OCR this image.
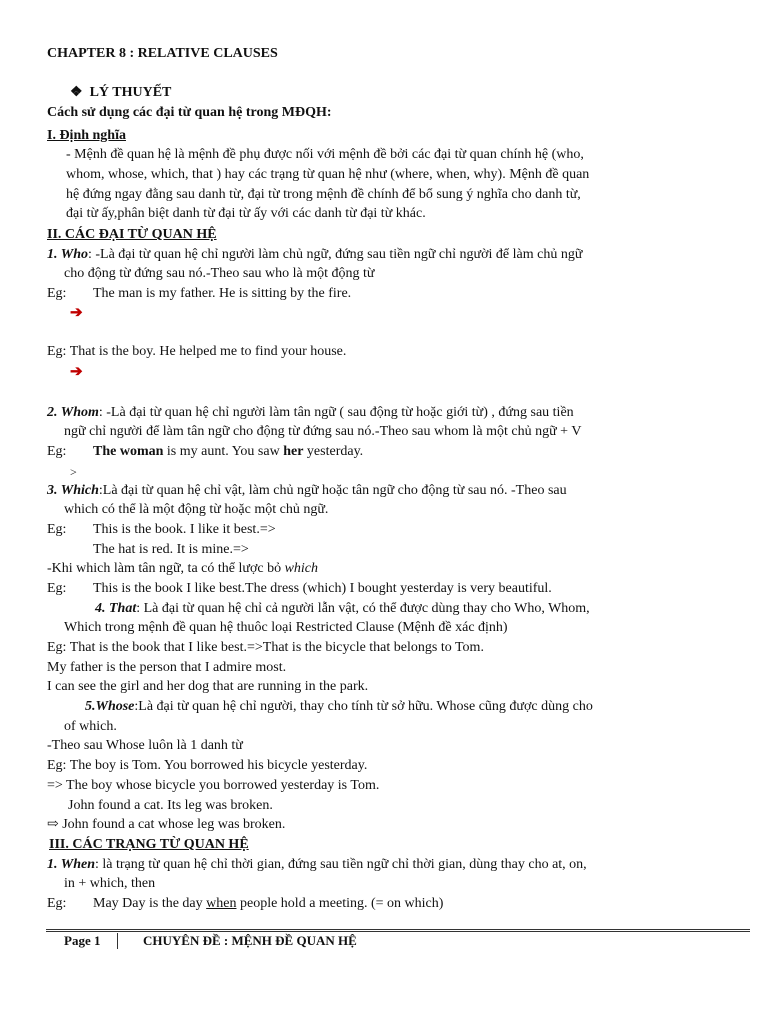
CHAPTER 8 : RELATIVE CLAUSES
❖ LÝ THUYẾT
Cách sử dụng các đại từ quan hệ trong MĐQH:
I. Định nghĩa
- Mệnh đề quan hệ là mệnh đề phụ được nối với mệnh đề bởi các đại từ quan chính hệ (who,
whom, whose, which, that ) hay các trạng từ quan hệ như (where, when, why). Mệnh đề quan
hệ đứng ngay đằng sau danh từ, đại từ trong mệnh đề chính để bổ sung ý nghĩa cho danh từ,
đại từ ấy,phân biệt danh từ đại từ ấy với các danh từ đại từ khác.
II. CÁC ĐẠI TỪ QUAN HỆ
1. Who: -Là đại từ quan hệ chỉ người làm chủ ngữ, đứng sau tiền ngữ chỉ người để làm chủ ngữ
cho động từ đứng sau nó.-Theo sau who là một động từ
Eg: The man is my father. He is sitting by the fire.
➔
Eg: That is the boy. He helped me to find your house.
➔
2. Whom: -Là đại từ quan hệ chỉ người làm tân ngữ ( sau động từ hoặc giới từ) , đứng sau tiền
ngữ chỉ người để làm tân ngữ cho động từ đứng sau nó.-Theo sau whom là một chủ ngữ + V
Eg: The woman is my aunt. You saw her yesterday.
>
3. Which:Là đại từ quan hệ chỉ vật, làm chủ ngữ hoặc tân ngữ cho động từ sau nó. -Theo sau
which có thể là một động từ hoặc một chủ ngữ.
Eg: This is the book. I like it best.=>
The hat is red. It is mine.=>
-Khi which làm tân ngữ, ta có thể lược bỏ which
Eg: This is the book I like best.The dress (which) I bought yesterday is very beautiful.
4. That: Là đại từ quan hệ chỉ cả người lẫn vật, có thể được dùng thay cho Who, Whom,
Which trong mệnh đề quan hệ thuôc loại Restricted Clause (Mệnh đề xác định)
Eg: That is the book that I like best.=>That is the bicycle that belongs to Tom.
My father is the person that I admire most.
I can see the girl and her dog that are running in the park.
5.Whose:Là đại từ quan hệ chỉ người, thay cho tính từ sở hữu. Whose cũng được dùng cho
of which.
-Theo sau Whose luôn là 1 danh từ
Eg: The boy is Tom. You borrowed his bicycle yesterday.
=> The boy whose bicycle you borrowed yesterday is Tom.
John found a cat. Its leg was broken.
⇨ John found a cat whose leg was broken.
III. CÁC TRẠNG TỪ QUAN HỆ
1. When: là trạng từ quan hệ chỉ thời gian, đứng sau tiền ngữ chỉ thời gian, dùng thay cho at, on,
in + which, then
Eg: May Day is the day when people hold a meeting. (= on which)
Page 1	CHUYÊN ĐỀ : MỆNH ĐỀ QUAN HỆ
